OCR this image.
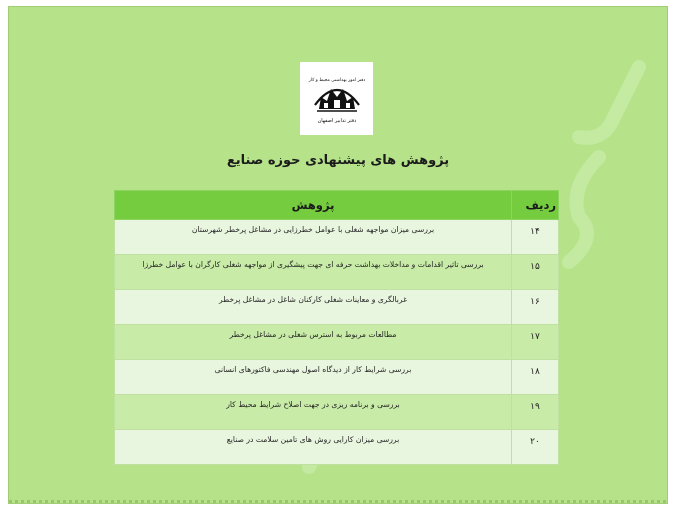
دفتر امور بهداشتی محیط و کار
دفتر تدابیر اصفهان
پژوهش های پیشنهادی حوزه صنایع
ردیف	پژوهش
۱۴	بررسی میزان مواجهه شغلی با عوامل خطرزایی در مشاغل پرخطر شهرستان
۱۵	بررسی تاثیر اقدامات و مداخلات بهداشت حرفه ای جهت پیشگیری از مواجهه شغلی کارگران با عوامل خطرزا
۱۶	غربالگری و معاینات شغلی کارکنان شاغل در مشاغل پرخطر
۱۷	مطالعات مربوط به استرس شغلی در مشاغل پرخطر
۱۸	بررسی شرایط کار از دیدگاه اصول مهندسی فاکتورهای انسانی
۱۹	بررسی و برنامه ریزی در جهت اصلاح شرایط محیط کار
۲۰	بررسی میزان کارایی روش های تامین سلامت در صنایع
